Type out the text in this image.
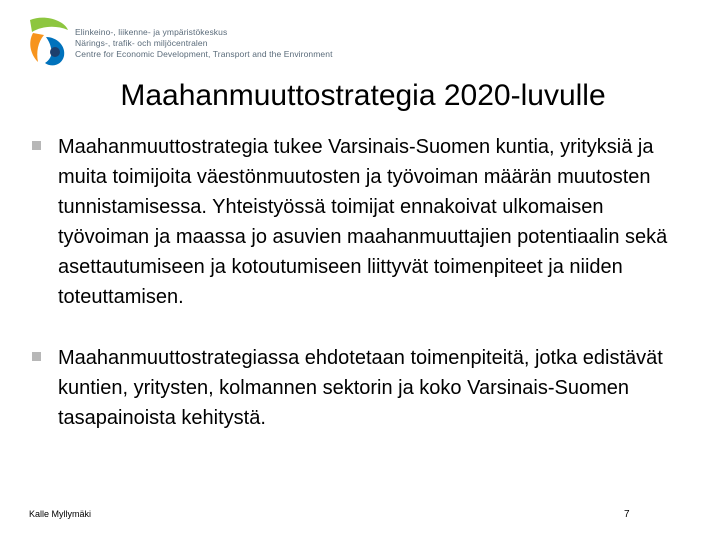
Elinkeino-, liikenne- ja ympäristökeskus
Närings-, trafik- och miljöcentralen
Centre for Economic Development, Transport and the Environment
Maahanmuuttostrategia 2020-luvulle
Maahanmuuttostrategia tukee Varsinais-Suomen kuntia, yrityksiä ja muita toimijoita väestönmuutosten ja työvoiman määrän muutosten tunnistamisessa. Yhteistyössä toimijat ennakoivat ulkomaisen työvoiman ja maassa jo asuvien maahanmuuttajien potentiaalin sekä asettautumiseen ja kotoutumiseen liittyvät toimenpiteet ja niiden toteuttamisen.
Maahanmuuttostrategiassa ehdotetaan toimenpiteitä, jotka edistävät kuntien, yritysten, kolmannen sektorin ja koko Varsinais-Suomen tasapainoista kehitystä.
Kalle Myllymäki	7
